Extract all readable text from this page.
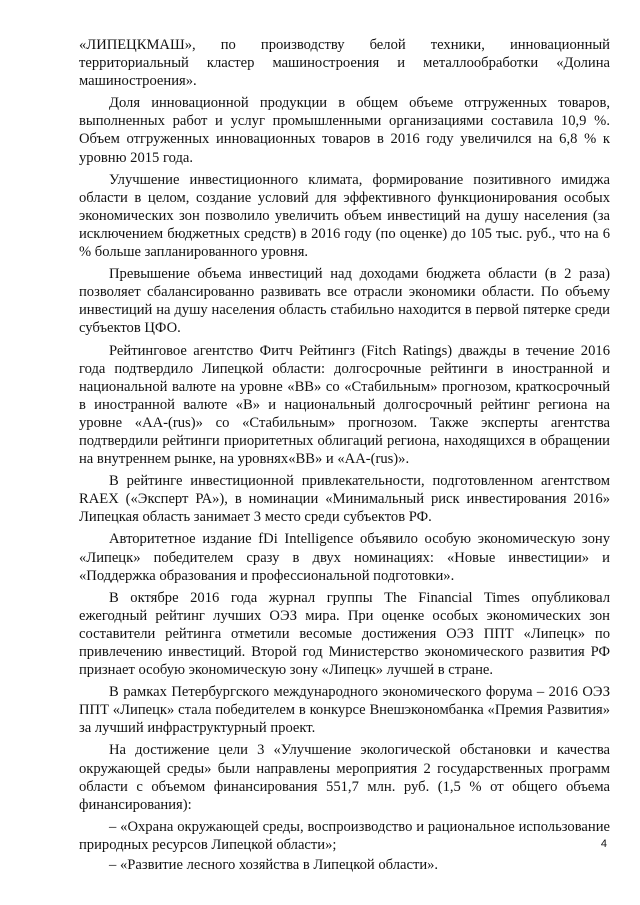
«ЛИПЕЦКМАШ», по производству белой техники, инновационный территориальный кластер машиностроения и металлообработки «Долина машиностроения».

Доля инновационной продукции в общем объеме отгруженных товаров, выполненных работ и услуг промышленными организациями составила 10,9 %. Объем отгруженных инновационных товаров в 2016 году увеличился на 6,8 % к уровню 2015 года.

Улучшение инвестиционного климата, формирование позитивного имиджа области в целом, создание условий для эффективного функционирования особых экономических зон позволило увеличить объем инвестиций на душу населения (за исключением бюджетных средств) в 2016 году (по оценке) до 105 тыс. руб., что на 6 % больше запланированного уровня.

Превышение объема инвестиций над доходами бюджета области (в 2 раза) позволяет сбалансированно развивать все отрасли экономики области. По объему инвестиций на душу населения область стабильно находится в первой пятерке среди субъектов ЦФО.

Рейтинговое агентство Фитч Рейтингз (Fitch Ratings) дважды в течение 2016 года подтвердило Липецкой области: долгосрочные рейтинги в иностранной и национальной валюте на уровне «BB» со «Стабильным» прогнозом, краткосрочный в иностранной валюте «B» и национальный долгосрочный рейтинг региона на уровне «AA-(rus)» со «Стабильным» прогнозом. Также эксперты агентства подтвердили рейтинги приоритетных облигаций региона, находящихся в обращении на внутреннем рынке, на уровнях«BB» и «AA-(rus)».

В рейтинге инвестиционной привлекательности, подготовленном агентством RAEX («Эксперт РА»), в номинации «Минимальный риск инвестирования 2016» Липецкая область занимает 3 место среди субъектов РФ.

Авторитетное издание fDi Intelligence объявило особую экономическую зону «Липецк» победителем сразу в двух номинациях: «Новые инвестиции» и «Поддержка образования и профессиональной подготовки».

В октябре 2016 года журнал группы The Financial Times опубликовал ежегодный рейтинг лучших ОЭЗ мира. При оценке особых экономических зон составители рейтинга отметили весомые достижения ОЭЗ ППТ «Липецк» по привлечению инвестиций. Второй год Министерство экономического развития РФ признает особую экономическую зону «Липецк» лучшей в стране.

В рамках Петербургского международного экономического форума – 2016 ОЭЗ ППТ «Липецк» стала победителем в конкурсе Внешэкономбанка «Премия Развития» за лучший инфраструктурный проект.

На достижение цели 3 «Улучшение экологической обстановки и качества окружающей среды» были направлены мероприятия 2 государственных программ области с объемом финансирования 551,7 млн. руб. (1,5 % от общего объема финансирования):

– «Охрана окружающей среды, воспроизводство и рациональное использование природных ресурсов Липецкой области»;

– «Развитие лесного хозяйства в Липецкой области».

4
